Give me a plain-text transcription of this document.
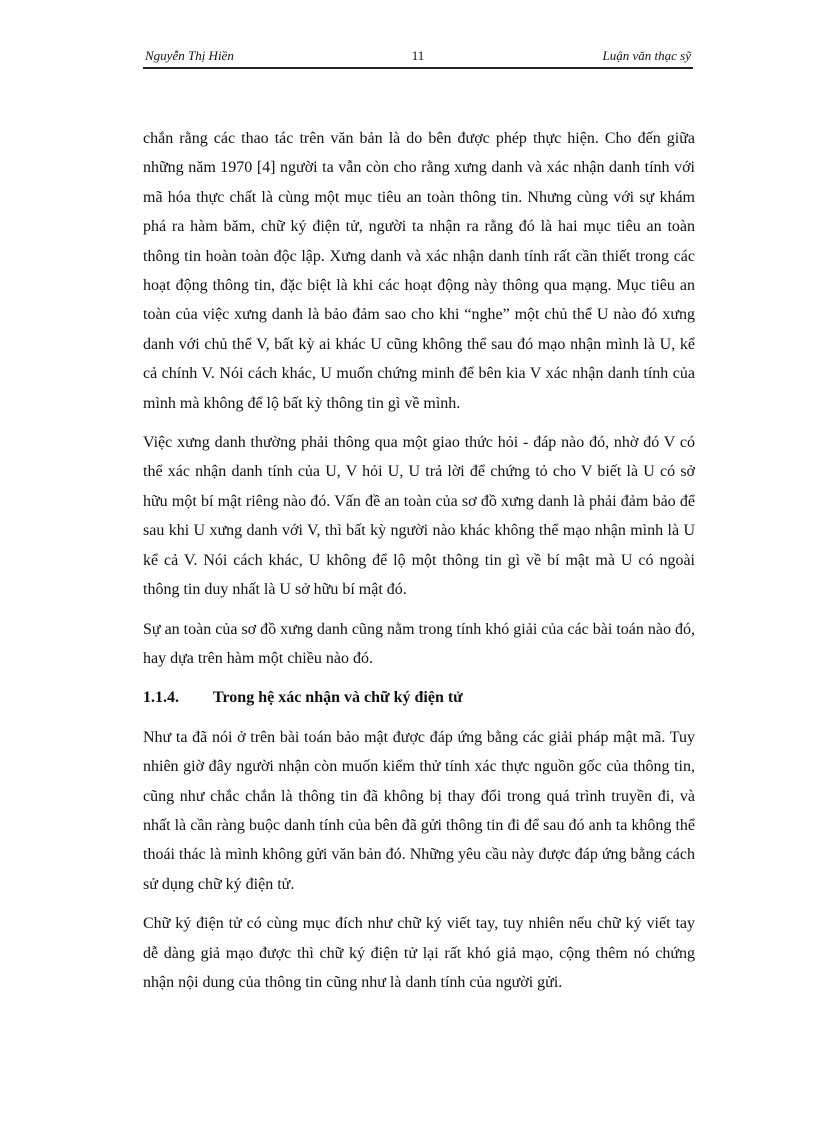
Nguyễn Thị Hiền	11	Luận văn thạc sỹ

chắn rằng các thao tác trên văn bản là do bên được phép thực hiện. Cho đến giữa những năm 1970 [4] người ta vẫn còn cho rằng xưng danh và xác nhận danh tính với mã hóa thực chất là cùng một mục tiêu an toàn thông tin. Nhưng cùng với sự khám phá ra hàm băm, chữ ký điện tử, người ta nhận ra rằng đó là hai mục tiêu an toàn thông tin hoàn toàn độc lập. Xưng danh và xác nhận danh tính rất cần thiết trong các hoạt động thông tin, đặc biệt là khi các hoạt động này thông qua mạng. Mục tiêu an toàn của việc xưng danh là bảo đảm sao cho khi “nghe” một chủ thể U nào đó xưng danh với chủ thể V, bất kỳ ai khác U cũng không thể sau đó mạo nhận mình là U, kể cả chính V. Nói cách khác, U muốn chứng minh để bên kia V xác nhận danh tính của mình mà không để lộ bất kỳ thông tin gì về mình.

Việc xưng danh thường phải thông qua một giao thức hỏi - đáp nào đó, nhờ đó V có thể xác nhận danh tính của U, V hỏi U, U trả lời để chứng tỏ cho V biết là U có sở hữu một bí mật riêng nào đó. Vấn đề an toàn của sơ đồ xưng danh là phải đảm bảo để sau khi U xưng danh với V, thì bất kỳ người nào khác không thể mạo nhận mình là U kể cả V. Nói cách khác, U không để lộ một thông tin gì về bí mật mà U có ngoài thông tin duy nhất là U sở hữu bí mật đó.

Sự an toàn của sơ đồ xưng danh cũng nằm trong tính khó giải của các bài toán nào đó, hay dựa trên hàm một chiều nào đó.

1.1.4.	Trong hệ xác nhận và chữ ký điện tử

Như ta đã nói ở trên bài toán bảo mật được đáp ứng bằng các giải pháp mật mã. Tuy nhiên giờ đây người nhận còn muốn kiểm thử tính xác thực nguồn gốc của thông tin, cũng như chắc chắn là thông tin đã không bị thay đổi trong quá trình truyền đi, và nhất là cần ràng buộc danh tính của bên đã gửi thông tin đi để sau đó anh ta không thể thoái thác là mình không gửi văn bản đó. Những yêu cầu này được đáp ứng bằng cách sử dụng chữ ký điện tử.

Chữ ký điện tử có cùng mục đích như chữ ký viết tay, tuy nhiên nếu chữ ký viết tay dễ dàng giả mạo được thì chữ ký điện tử lại rất khó giả mạo, cộng thêm nó chứng nhận nội dung của thông tin cũng như là danh tính của người gửi.
